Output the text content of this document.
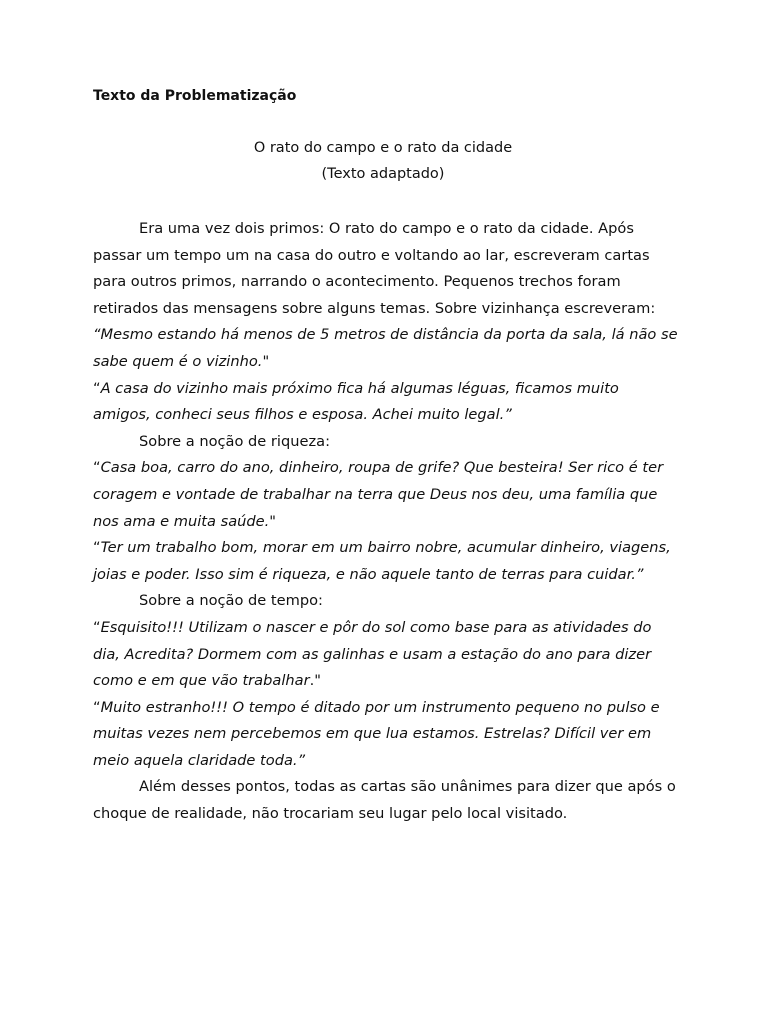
Texto da Problematização
O rato do campo e o rato da cidade
(Texto adaptado)

Era uma vez dois primos: O rato do campo e o rato da cidade. Após passar um tempo um na casa do outro e voltando ao lar, escreveram cartas para outros primos, narrando o acontecimento. Pequenos trechos foram retirados das mensagens sobre alguns temas. Sobre vizinhança escreveram:

“Mesmo estando há menos de 5 metros de distância da porta da sala, lá não se sabe quem é o vizinho."

“A casa do vizinho mais próximo fica há algumas léguas, ficamos muito amigos, conheci seus filhos e esposa. Achei muito legal.”

Sobre a noção de riqueza:

“Casa boa, carro do ano, dinheiro, roupa de grife? Que besteira! Ser rico é ter coragem e vontade de trabalhar na terra que Deus nos deu, uma família que nos ama e muita saúde."

“Ter um trabalho bom, morar em um bairro nobre, acumular dinheiro, viagens, joias e poder. Isso sim é riqueza, e não aquele tanto de terras para cuidar.”

Sobre a noção de tempo:

“Esquisito!!! Utilizam o nascer e pôr do sol como base para as atividades do dia, Acredita? Dormem com as galinhas e usam a estação do ano para dizer como e em que vão trabalhar."

“Muito estranho!!! O tempo é ditado por um instrumento pequeno no pulso e muitas vezes nem percebemos em que lua estamos. Estrelas? Difícil ver em meio aquela claridade toda.”

Além desses pontos, todas as cartas são unânimes para dizer que após o choque de realidade, não trocariam seu lugar pelo local visitado.
